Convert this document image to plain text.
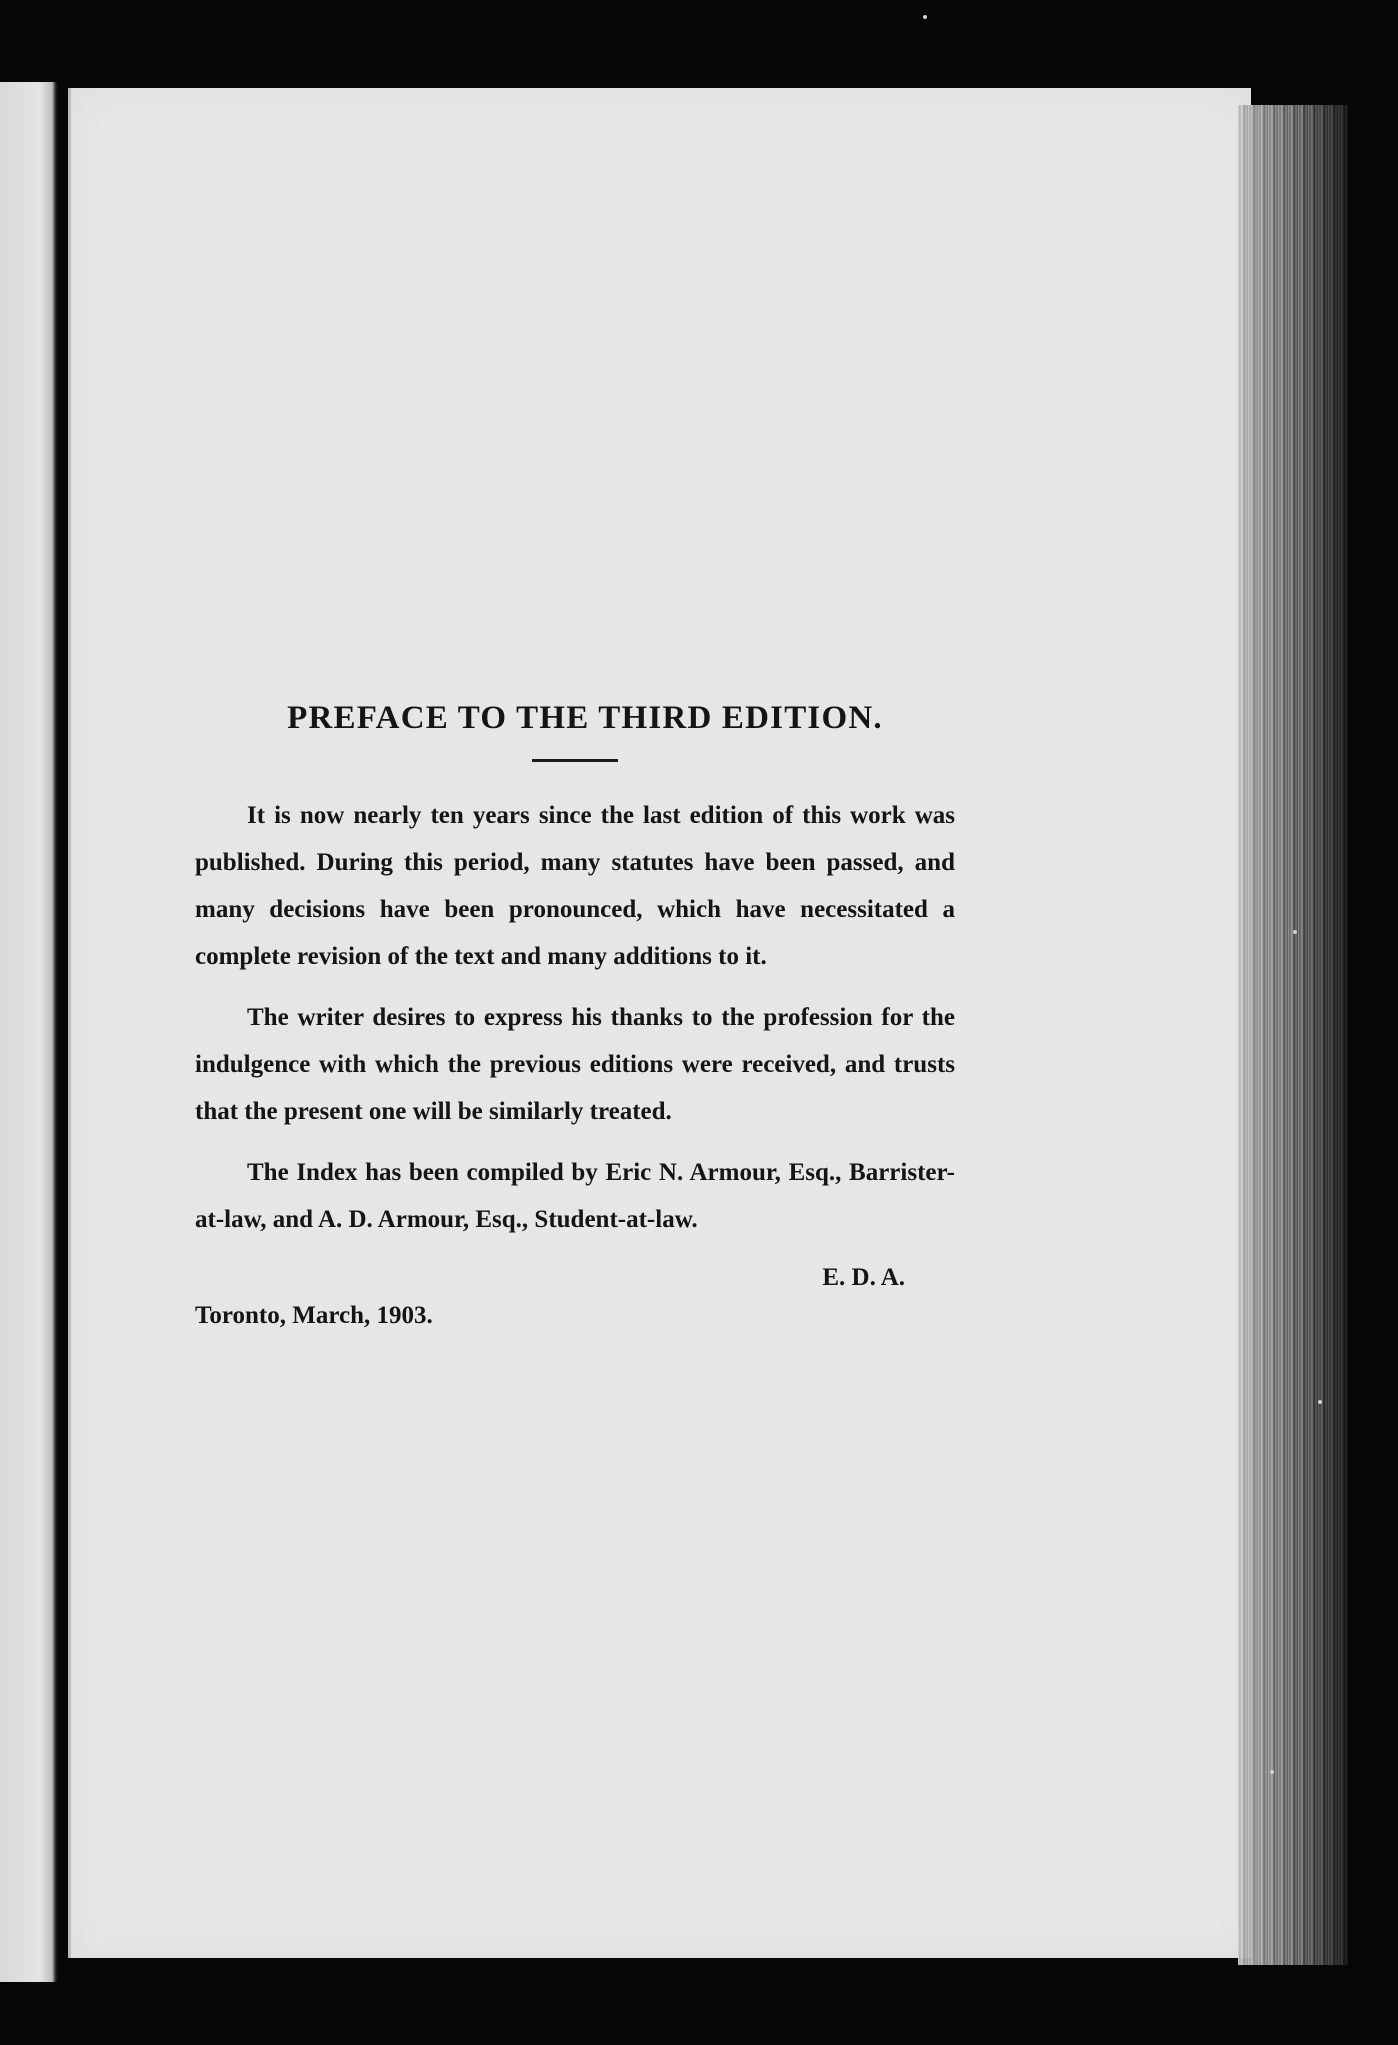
PREFACE TO THE THIRD EDITION.

It is now nearly ten years since the last edition of this work was published. During this period, many statutes have been passed, and many decisions have been pronounced, which have necessitated a complete revision of the text and many additions to it.

The writer desires to express his thanks to the profession for the indulgence with which the previous editions were received, and trusts that the present one will be similarly treated.

The Index has been compiled by Eric N. Armour, Esq., Barrister-at-law, and A. D. Armour, Esq., Student-at-law.

E. D. A.
Toronto, March, 1903.
